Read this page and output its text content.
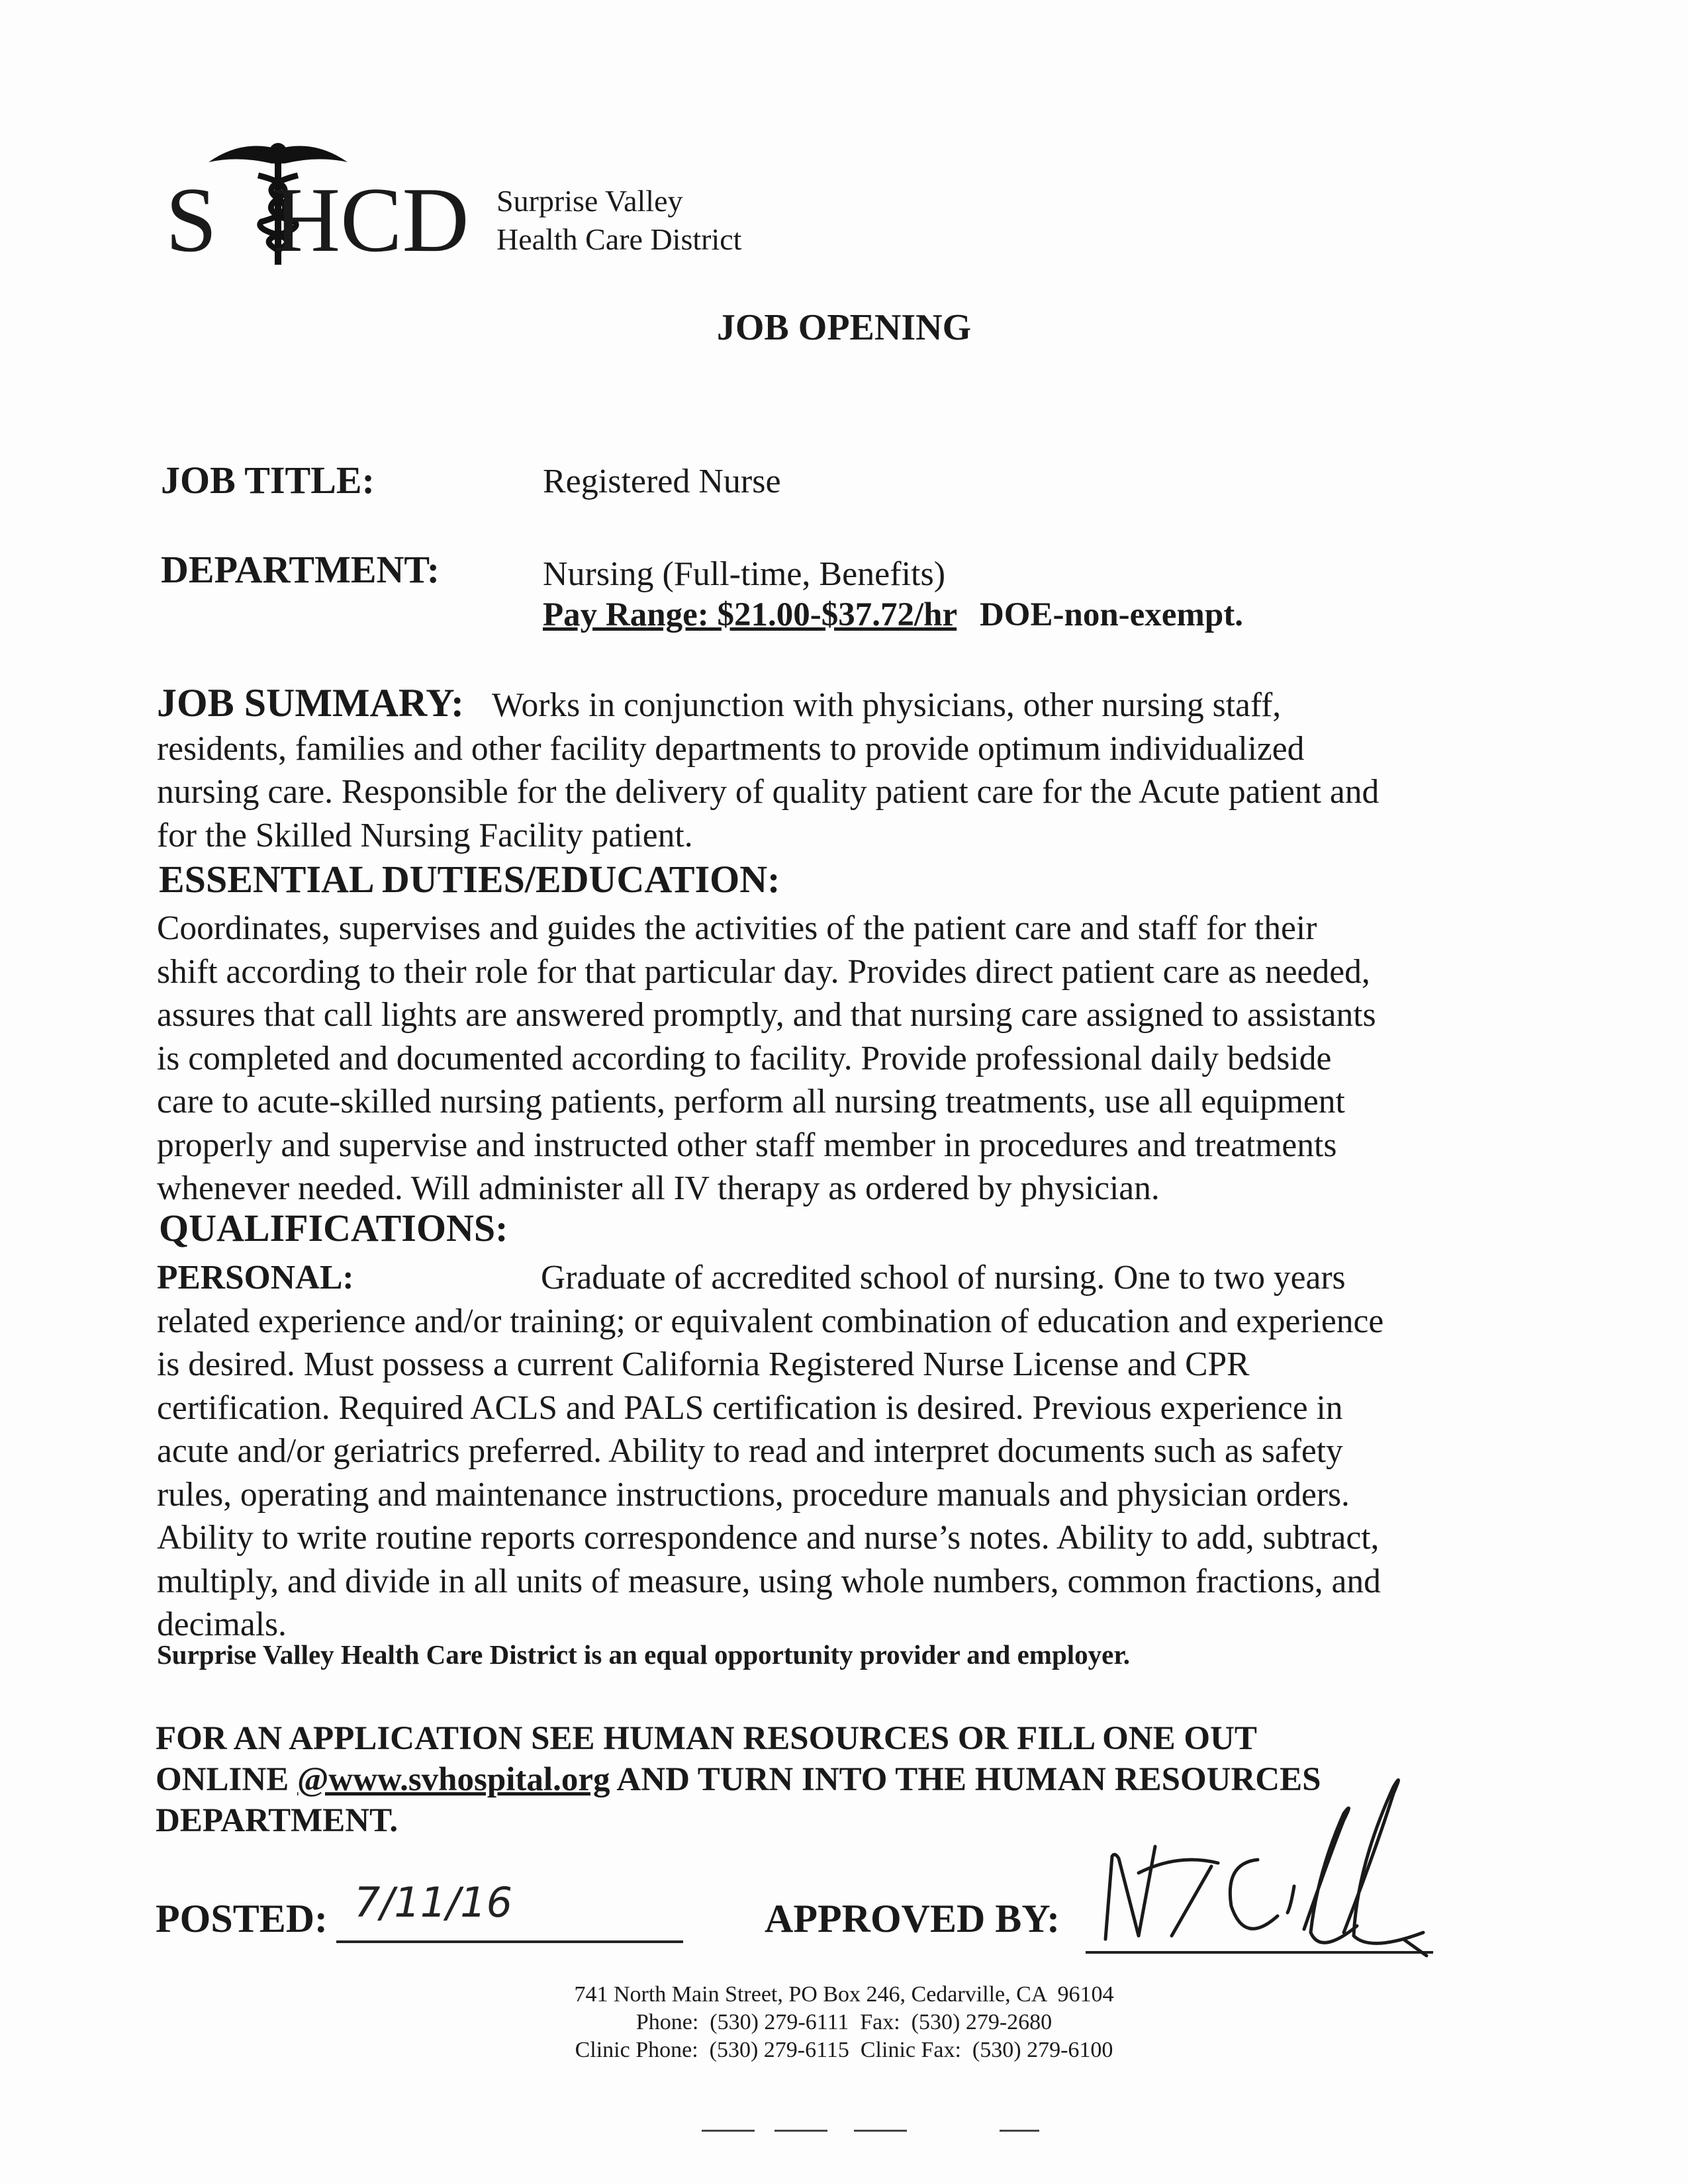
S HCD Surprise Valley
Health Care District
JOB OPENING
JOB TITLE:	Registered Nurse
DEPARTMENT:	Nursing (Full-time, Benefits)
Pay Range: $21.00-$37.72/hr DOE-non-exempt.
JOB SUMMARY: Works in conjunction with physicians, other nursing staff,
residents, families and other facility departments to provide optimum individualized
nursing care. Responsible for the delivery of quality patient care for the Acute patient and
for the Skilled Nursing Facility patient.
ESSENTIAL DUTIES/EDUCATION:
Coordinates, supervises and guides the activities of the patient care and staff for their
shift according to their role for that particular day. Provides direct patient care as needed,
assures that call lights are answered promptly, and that nursing care assigned to assistants
is completed and documented according to facility. Provide professional daily bedside
care to acute-skilled nursing patients, perform all nursing treatments, use all equipment
properly and supervise and instructed other staff member in procedures and treatments
whenever needed. Will administer all IV therapy as ordered by physician.
QUALIFICATIONS:
PERSONAL:	Graduate of accredited school of nursing. One to two years
related experience and/or training; or equivalent combination of education and experience
is desired. Must possess a current California Registered Nurse License and CPR
certification. Required ACLS and PALS certification is desired. Previous experience in
acute and/or geriatrics preferred. Ability to read and interpret documents such as safety
rules, operating and maintenance instructions, procedure manuals and physician orders.
Ability to write routine reports correspondence and nurse’s notes. Ability to add, subtract,
multiply, and divide in all units of measure, using whole numbers, common fractions, and
decimals.
Surprise Valley Health Care District is an equal opportunity provider and employer.
FOR AN APPLICATION SEE HUMAN RESOURCES OR FILL ONE OUT
ONLINE @www.svhospital.org AND TURN INTO THE HUMAN RESOURCES
DEPARTMENT.
POSTED: 7/11/16	APPROVED BY:
741 North Main Street, PO Box 246, Cedarville, CA  96104
Phone:  (530) 279-6111  Fax:  (530) 279-2680
Clinic Phone:  (530) 279-6115  Clinic Fax:  (530) 279-6100
